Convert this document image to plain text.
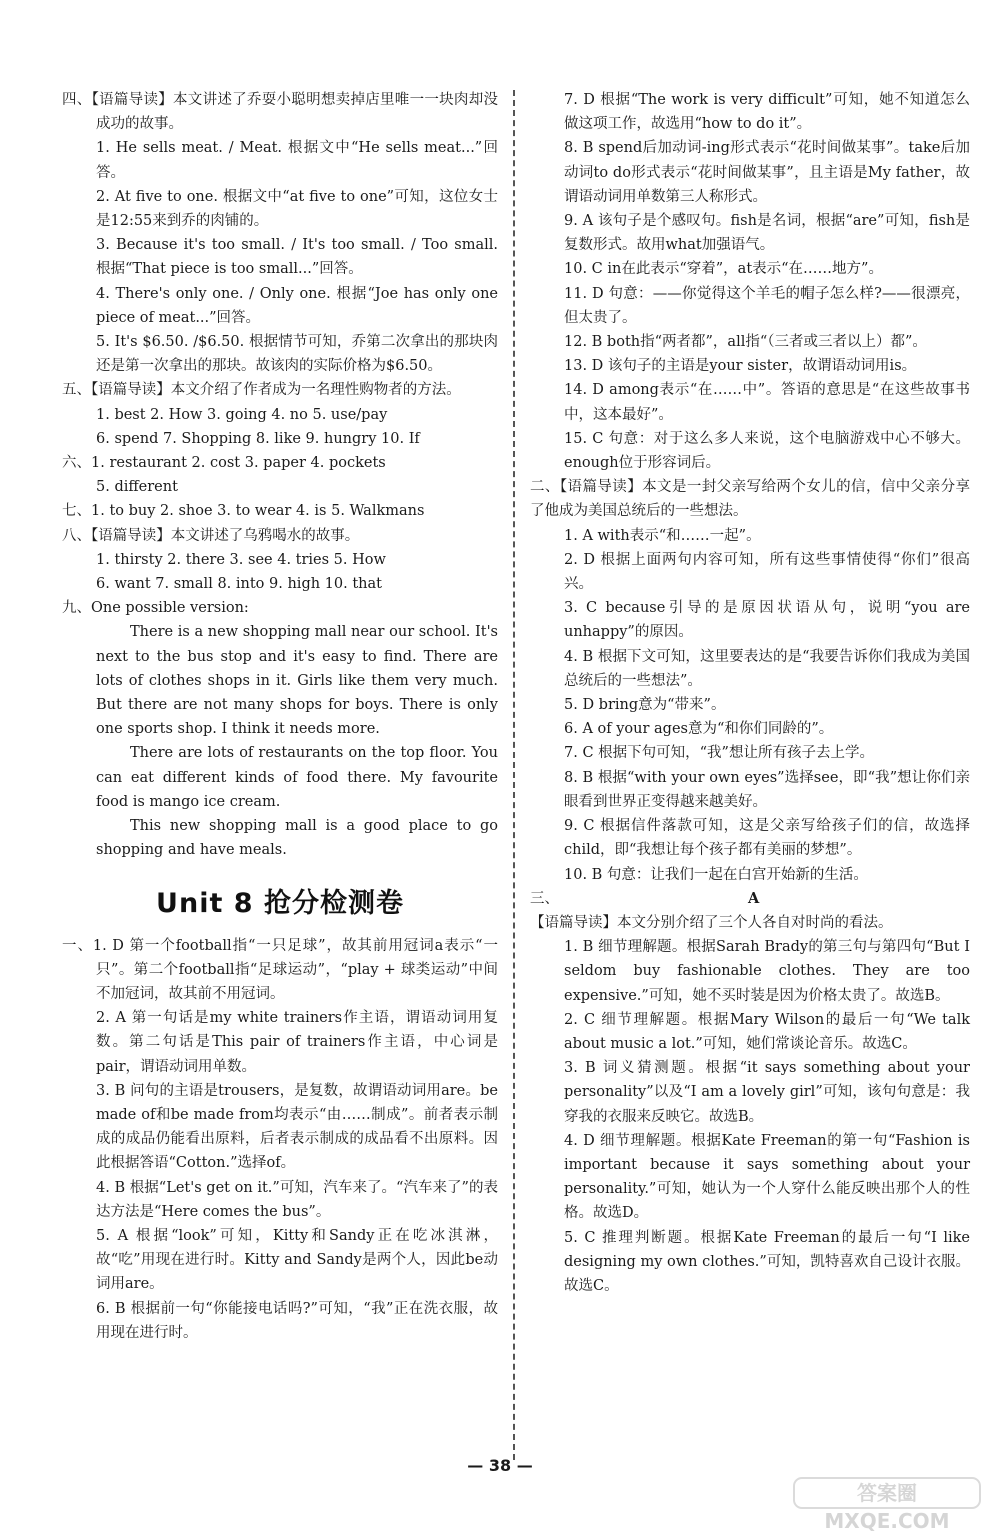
四、【语篇导读】本文讲述了乔耍小聪明想卖掉店里唯一一块肉却没成功的故事。

1. He sells meat. / Meat. 根据文中“He sells meat...”回答。

2. At five to one. 根据文中“at five to one”可知，这位女士是12:55来到乔的肉铺的。

3. Because it's too small. / It's too small. / Too small. 根据“That piece is too small...”回答。

4. There's only one. / Only one. 根据“Joe has only one piece of meat...”回答。

5. It's $6.50. /$6.50. 根据情节可知，乔第二次拿出的那块肉还是第一次拿出的那块。故该肉的实际价格为$6.50。

五、【语篇导读】本文介绍了作者成为一名理性购物者的方法。

1. best 2. How 3. going 4. no 5. use/pay

6. spend 7. Shopping 8. like 9. hungry 10. If

六、1. restaurant 2. cost 3. paper 4. pockets

5. different

七、1. to buy 2. shoe 3. to wear 4. is 5. Walkmans

八、【语篇导读】本文讲述了乌鸦喝水的故事。

1. thirsty 2. there 3. see 4. tries 5. How

6. want 7. small 8. into 9. high 10. that

九、One possible version:

There is a new shopping mall near our school. It's next to the bus stop and it's easy to find. There are lots of clothes shops in it. Girls like them very much. But there are not many shops for boys. There is only one sports shop. I think it needs more.

There are lots of restaurants on the top floor. You can eat different kinds of food there. My favourite food is mango ice cream.

This new shopping mall is a good place to go shopping and have meals.

Unit 8 抢分检测卷

一、1. D 第一个football指“一只足球”，故其前用冠词a表示“一只”。第二个football指“足球运动”，“play + 球类运动”中间不加冠词，故其前不用冠词。

2. A 第一句话是my white trainers作主语，谓语动词用复数。第二句话是This pair of trainers作主语，中心词是pair，谓语动词用单数。

3. B 问句的主语是trousers，是复数，故谓语动词用are。be made of和be made from均表示“由……制成”。前者表示制成的成品仍能看出原料，后者表示制成的成品看不出原料。因此根据答语“Cotton.”选择of。

4. B 根据“Let's get on it.”可知，汽车来了。“汽车来了”的表达方法是“Here comes the bus”。

5. A 根据“look”可知，Kitty和Sandy正在吃冰淇淋，故“吃”用现在进行时。Kitty and Sandy是两个人，因此be动词用are。

6. B 根据前一句“你能接电话吗?”可知，“我”正在洗衣服，故用现在进行时。

7. D 根据“The work is very difficult”可知，她不知道怎么做这项工作，故选用“how to do it”。

8. B spend后加动词-ing形式表示“花时间做某事”。take后加动词to do形式表示“花时间做某事”，且主语是My father，故谓语动词用单数第三人称形式。

9. A 该句子是个感叹句。fish是名词，根据“are”可知，fish是复数形式。故用what加强语气。

10. C in在此表示“穿着”，at表示“在……地方”。

11. D 句意：——你觉得这个羊毛的帽子怎么样?——很漂亮，但太贵了。

12. B both指“两者都”，all指“（三者或三者以上）都”。

13. D 该句子的主语是your sister，故谓语动词用is。

14. D among表示“在……中”。答语的意思是“在这些故事书中，这本最好”。

15. C 句意：对于这么多人来说，这个电脑游戏中心不够大。enough位于形容词后。

二、【语篇导读】本文是一封父亲写给两个女儿的信，信中父亲分享了他成为美国总统后的一些想法。

1. A with表示“和……一起”。

2. D 根据上面两句内容可知，所有这些事情使得“你们”很高兴。

3. C because引导的是原因状语从句，说明“you are unhappy”的原因。

4. B 根据下文可知，这里要表达的是“我要告诉你们我成为美国总统后的一些想法”。

5. D bring意为“带来”。

6. A of your ages意为“和你们同龄的”。

7. C 根据下句可知，“我”想让所有孩子去上学。

8. B 根据“with your own eyes”选择see，即“我”想让你们亲眼看到世界正变得越来越美好。

9. C 根据信件落款可知，这是父亲写给孩子们的信，故选择child，即“我想让每个孩子都有美丽的梦想”。

10. B 句意：让我们一起在白宫开始新的生活。

三、	A

【语篇导读】本文分别介绍了三个人各自对时尚的看法。

1. B 细节理解题。根据Sarah Brady的第三句与第四句“But I seldom buy fashionable clothes. They are too expensive.”可知，她不买时装是因为价格太贵了。故选B。

2. C 细节理解题。根据Mary Wilson的最后一句“We talk about music a lot.”可知，她们常谈论音乐。故选C。

3. B 词义猜测题。根据“it says something about your personality”以及“I am a lovely girl”可知，该句句意是：我穿我的衣服来反映它。故选B。

4. D 细节理解题。根据Kate Freeman的第一句“Fashion is important because it says something about your personality.”可知，她认为一个人穿什么能反映出那个人的性格。故选D。

5. C 推理判断题。根据Kate Freeman的最后一句“I like designing my own clothes.”可知，凯特喜欢自己设计衣服。故选C。

— 38 —
答案圈
MXQE.COM
